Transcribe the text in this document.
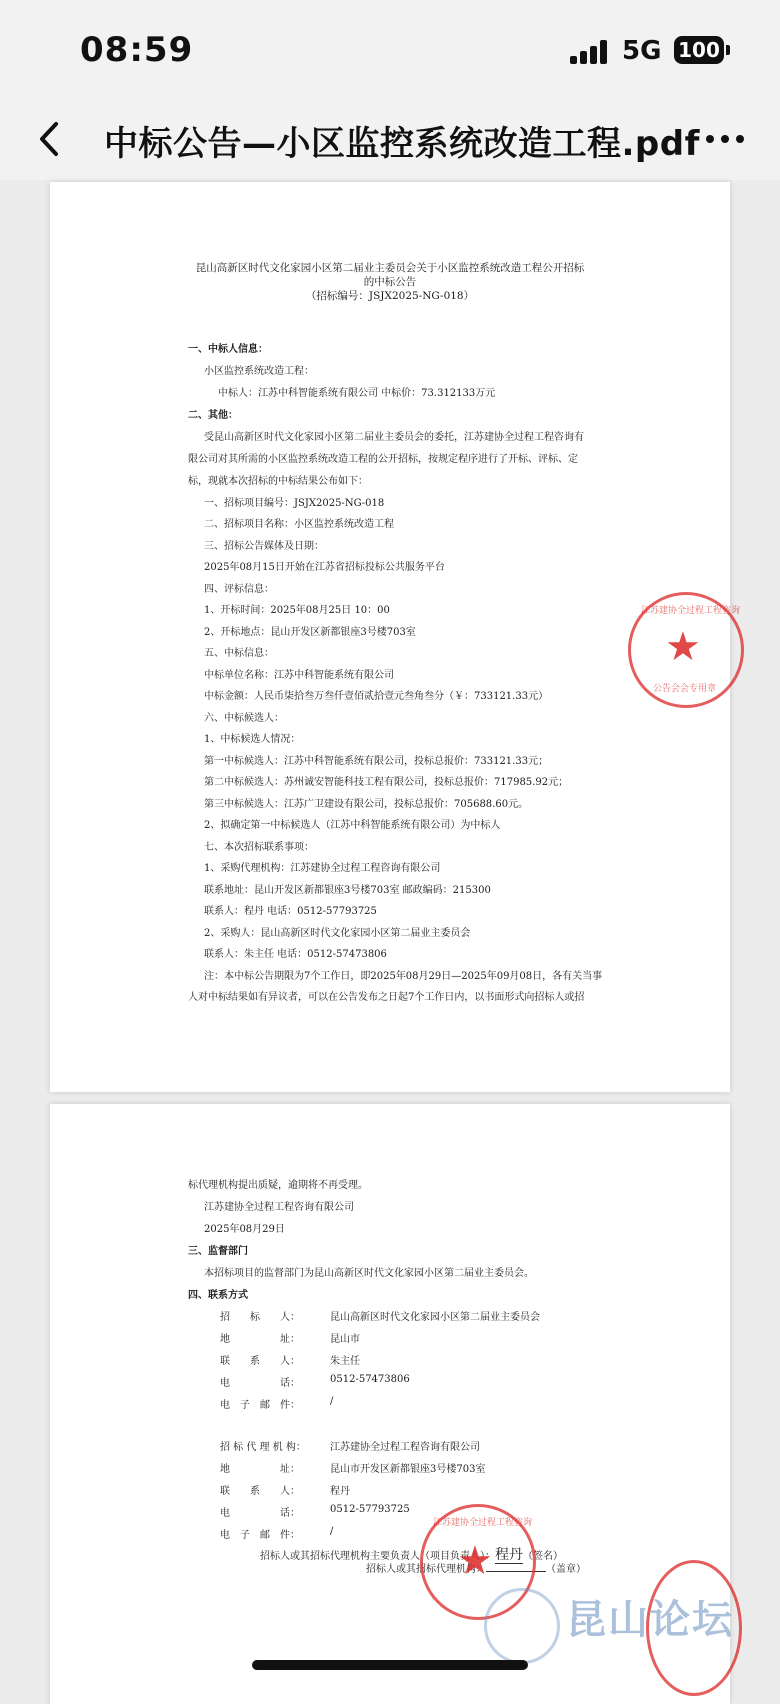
08:59	5G 100
中标公告—小区监控系统改造工程.pdf
昆山高新区时代文化家园小区第二届业主委员会关于小区监控系统改造工程公开招标
的中标公告
（招标编号：JSJX2025-NG-018）
一、中标人信息：
小区监控系统改造工程：
中标人：江苏中科智能系统有限公司 中标价：73.312133万元
二、其他：
受昆山高新区时代文化家园小区第二届业主委员会的委托，江苏建协全过程工程咨询有
限公司对其所需的小区监控系统改造工程的公开招标，按规定程序进行了开标、评标、定
标，现就本次招标的中标结果公布如下：
一、招标项目编号：JSJX2025-NG-018
二、招标项目名称：小区监控系统改造工程
三、招标公告媒体及日期：
2025年08月15日开始在江苏省招标投标公共服务平台
四、评标信息：
1、开标时间：2025年08月25日 10：00
2、开标地点：昆山开发区新都银座3号楼703室
五、中标信息：
中标单位名称：江苏中科智能系统有限公司
中标金额：人民币柒拾叁万叁仟壹佰贰拾壹元叁角叁分（￥：733121.33元）
六、中标候选人：
1、中标候选人情况：
第一中标候选人：江苏中科智能系统有限公司，投标总报价：733121.33元；
第二中标候选人：苏州诚安智能科技工程有限公司，投标总报价：717985.92元；
第三中标候选人：江苏广卫建设有限公司，投标总报价：705688.60元。
2、拟确定第一中标候选人（江苏中科智能系统有限公司）为中标人
七、本次招标联系事项：
1、采购代理机构：江苏建协全过程工程咨询有限公司
联系地址：昆山开发区新都银座3号楼703室 邮政编码：215300
联系人：程丹 电话：0512-57793725
2、采购人：昆山高新区时代文化家园小区第二届业主委员会
联系人：朱主任 电话：0512-57473806
注：本中标公告期限为7个工作日，即2025年08月29日—2025年09月08日，各有关当事
人对中标结果如有异议者，可以在公告发布之日起7个工作日内，以书面形式向招标人或招
★
江苏建协全过程工程咨询
公告会会专用章
标代理机构提出质疑，逾期将不再受理。
江苏建协全过程工程咨询有限公司
2025年08月29日
三、监督部门
本招标项目的监督部门为昆山高新区时代文化家园小区第二届业主委员会。
四、联系方式
招　　标　　人：	昆山高新区时代文化家园小区第二届业主委员会
地　　　　　址：	昆山市
联　　系　　人：	朱主任
电　　　　　话：	0512-57473806
电　子　邮　件：	/
招 标 代 理 机 构： 江苏建协全过程工程咨询有限公司
地　　　　　址：	昆山市开发区新都银座3号楼703室
联　　系　　人：	程丹
电　　　　　话：	0512-57793725
电　子　邮　件：	/
招标人或其招标代理机构主要负责人（项目负责人）：程丹（签名）
招标人或其招标代理机构：	（盖章）
★
江苏建协全过程工程咨询
昆山论坛
